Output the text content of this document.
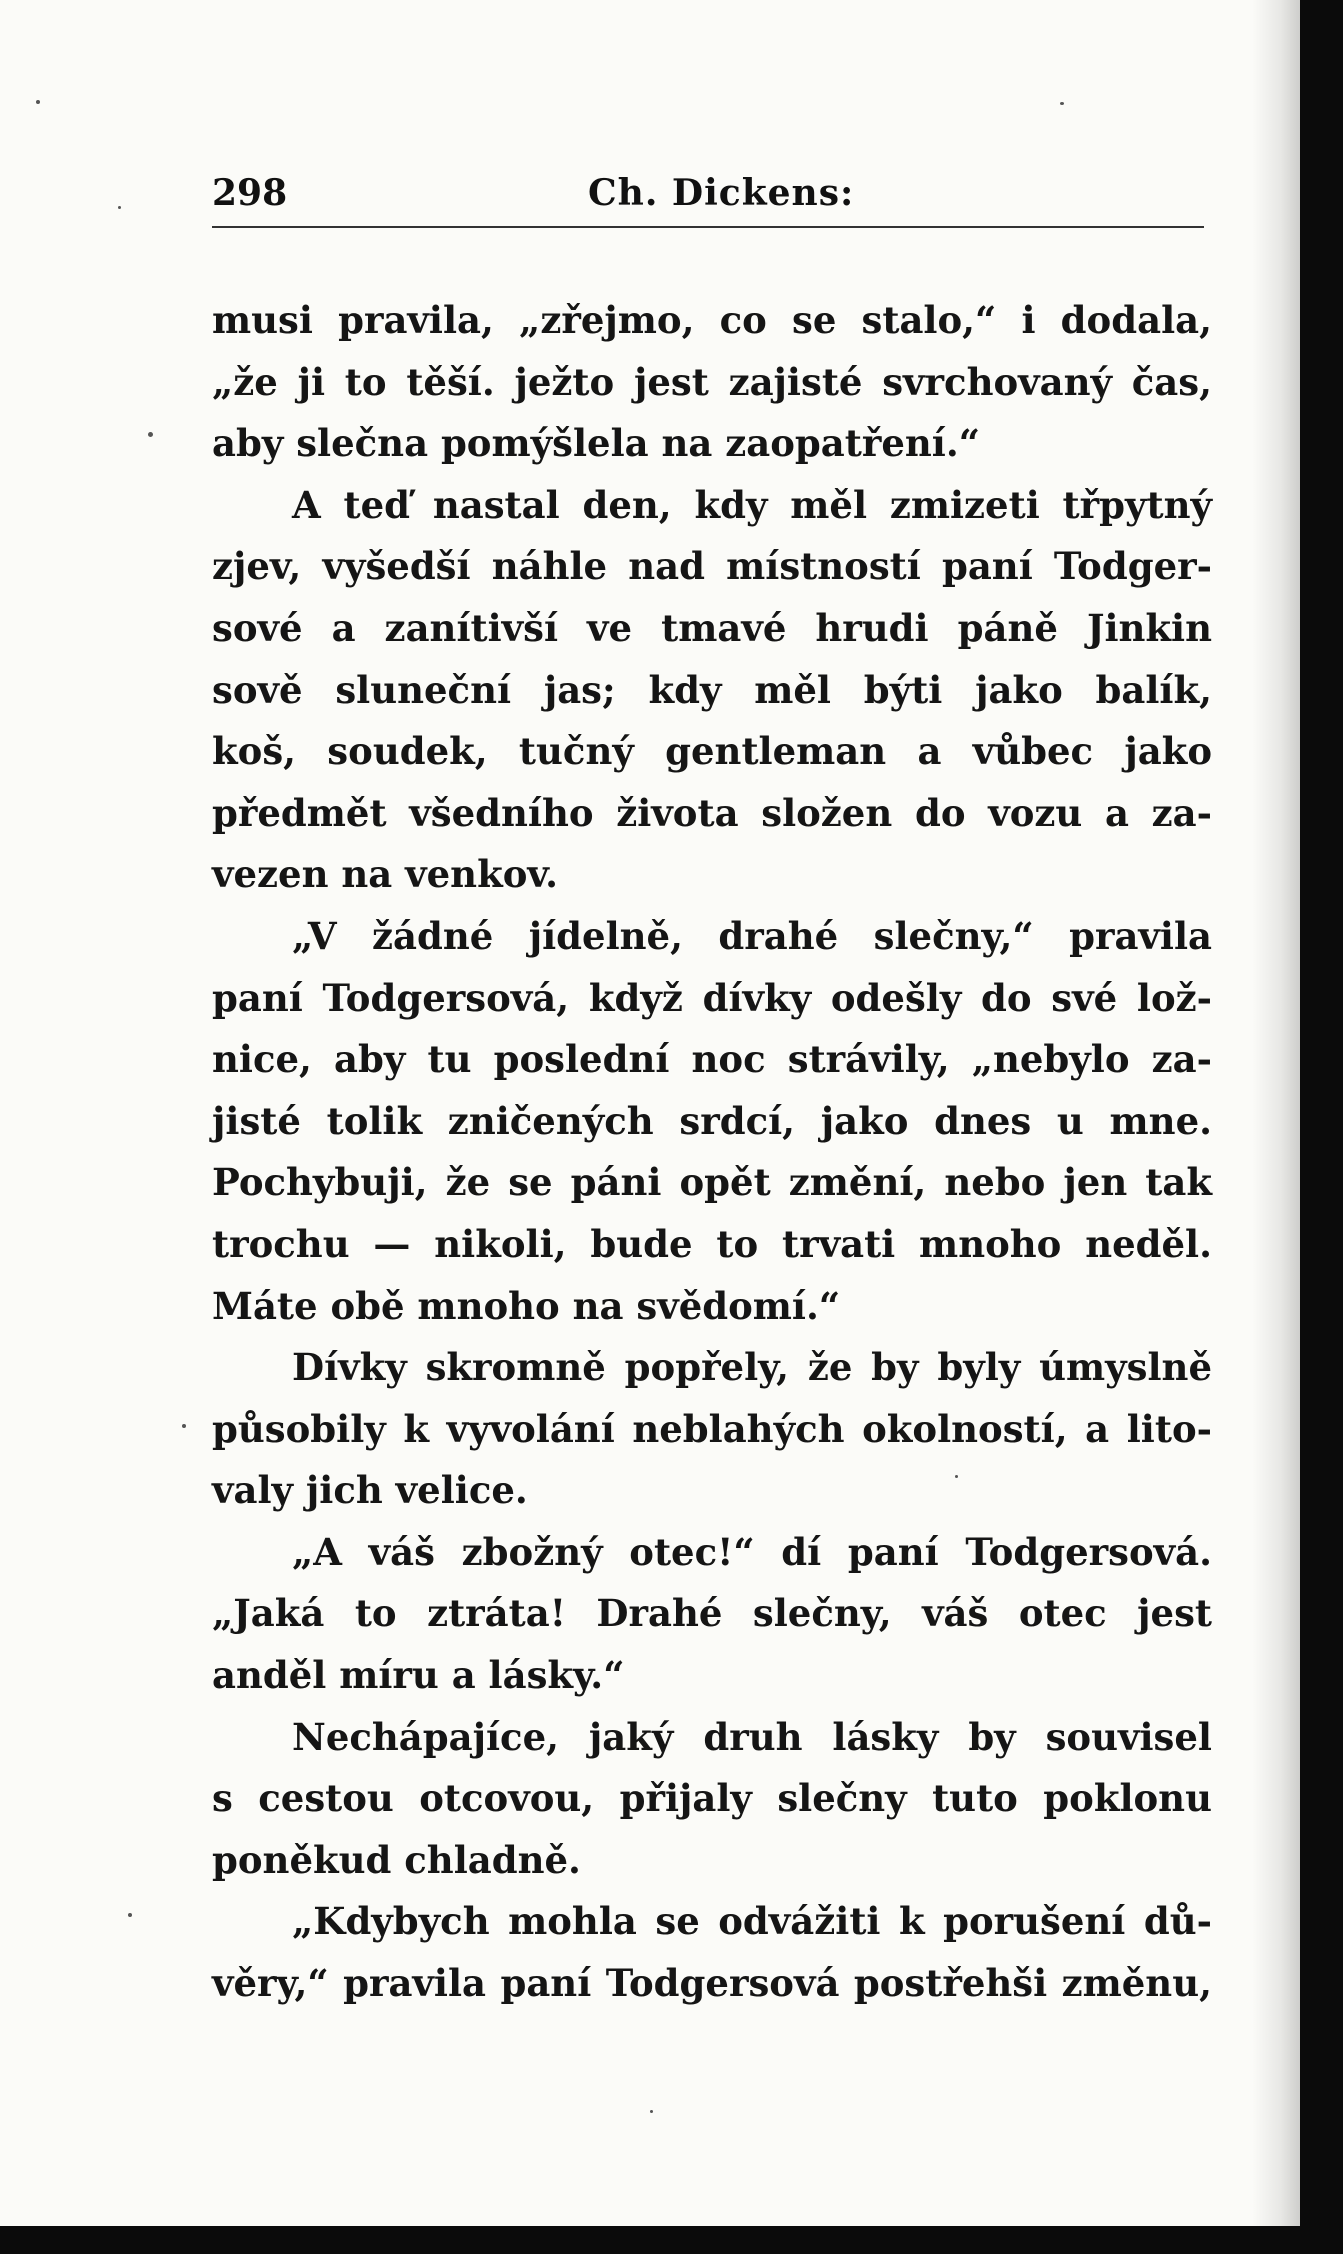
298	Ch. Dickens:
musi pravila, „zřejmo, co se stalo,“ i dodala,
„že ji to těší. ježto jest zajisté svrchovaný čas,
aby slečna pomýšlela na zaopatření.“
A teď nastal den, kdy měl zmizeti třpytný
zjev, vyšedší náhle nad místností paní Todger-
sové a zanítivší ve tmavé hrudi páně Jinkin
sově sluneční jas; kdy měl býti jako balík,
koš, soudek, tučný gentleman a vůbec jako
předmět všedního života složen do vozu a za-
vezen na venkov.
„V žádné jídelně, drahé slečny,“ pravila
paní Todgersová, když dívky odešly do své lož-
nice, aby tu poslední noc strávily, „nebylo za-
jisté tolik zničených srdcí, jako dnes u mne.
Pochybuji, že se páni opět změní, nebo jen tak
trochu — nikoli, bude to trvati mnoho neděl.
Máte obě mnoho na svědomí.“
Dívky skromně popřely, že by byly úmyslně
působily k vyvolání neblahých okolností, a lito-
valy jich velice.
„A váš zbožný otec!“ dí paní Todgersová.
„Jaká to ztráta! Drahé slečny, váš otec jest
anděl míru a lásky.“
Nechápajíce, jaký druh lásky by souvisel
s cestou otcovou, přijaly slečny tuto poklonu
poněkud chladně.
„Kdybych mohla se odvážiti k porušení dů-
věry,“ pravila paní Todgersová postřehši změnu,
